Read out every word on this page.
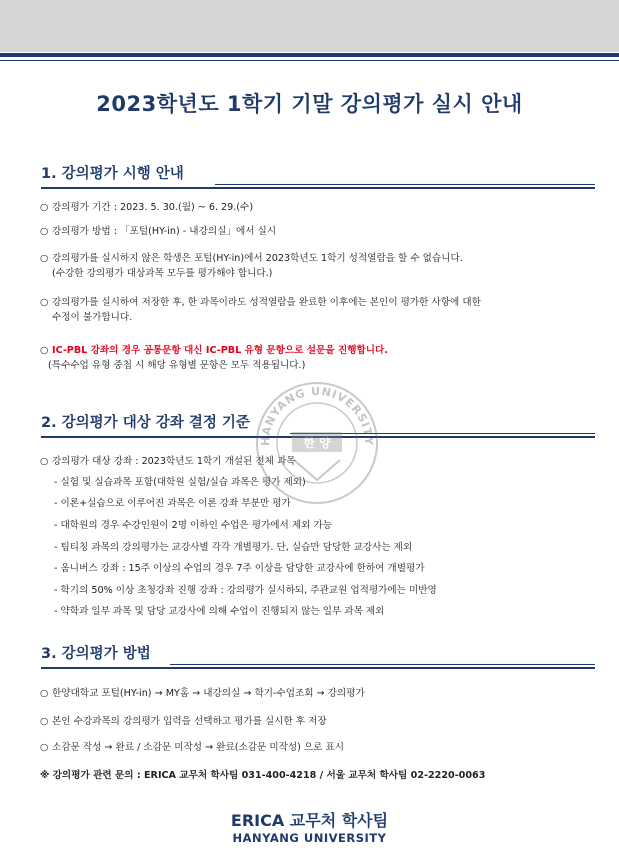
2023학년도 1학기 기말 강의평가 실시 안내
1. 강의평가 시행 안내
○ 강의평가 기간 : 2023. 5. 30.(월) ~ 6. 29.(수)
○ 강의평가 방법 : 「포털(HY-in) - 내강의실」에서 실시
○ 강의평가를 실시하지 않은 학생은 포털(HY-in)에서 2023학년도 1학기 성적열람을 할 수 없습니다.
(수강한 강의평가 대상과목 모두를 평가해야 합니다.)
○ 강의평가를 실시하여 저장한 후, 한 과목이라도 성적열람을 완료한 이후에는 본인이 평가한 사항에 대한
수정이 불가합니다.
○ IC-PBL 강좌의 경우 공통문항 대신 IC-PBL 유형 문항으로 설문을 진행합니다.
(특수수업 유형 중첩 시 해당 유형별 문항은 모두 적용됩니다.)
2. 강의평가 대상 강좌 결정 기준
○ 강의평가 대상 강좌 : 2023학년도 1학기 개설된 전체 과목
- 실험 및 실습과목 포함(대학원 실험/실습 과목은 평가 제외)
- 이론+실습으로 이루어진 과목은 이론 강좌 부분만 평가
- 대학원의 경우 수강인원이 2명 이하인 수업은 평가에서 제외 가능
- 팀티칭 과목의 강의평가는 교강사별 각각 개별평가. 단, 실습만 담당한 교강사는 제외
- 옴니버스 강좌 : 15주 이상의 수업의 경우 7주 이상을 담당한 교강사에 한하여 개별평가
- 학기의 50% 이상 초청강좌 진행 강좌 : 강의평가 실시하되, 주관교원 업적평가에는 미반영
- 약학과 일부 과목 및 담당 교강사에 의해 수업이 진행되지 않는 일부 과목 제외
3. 강의평가 방법
○ 한양대학교 포털(HY-in) → MY홈 → 내강의실 → 학기-수업조회 → 강의평가
○ 본인 수강과목의 강의평가 입력을 선택하고 평가를 실시한 후 저장
○ 소감문 작성 → 완료 / 소감문 미작성 → 완료(소감문 미작성) 으로 표시
※ 강의평가 관련 문의 : ERICA 교무처 학사팀 031-400-4218 / 서울 교무처 학사팀 02-2220-0063
ERICA 교무처 학사팀
HANYANG UNIVERSITY
HANYANG UNIVERSITY
한 양
